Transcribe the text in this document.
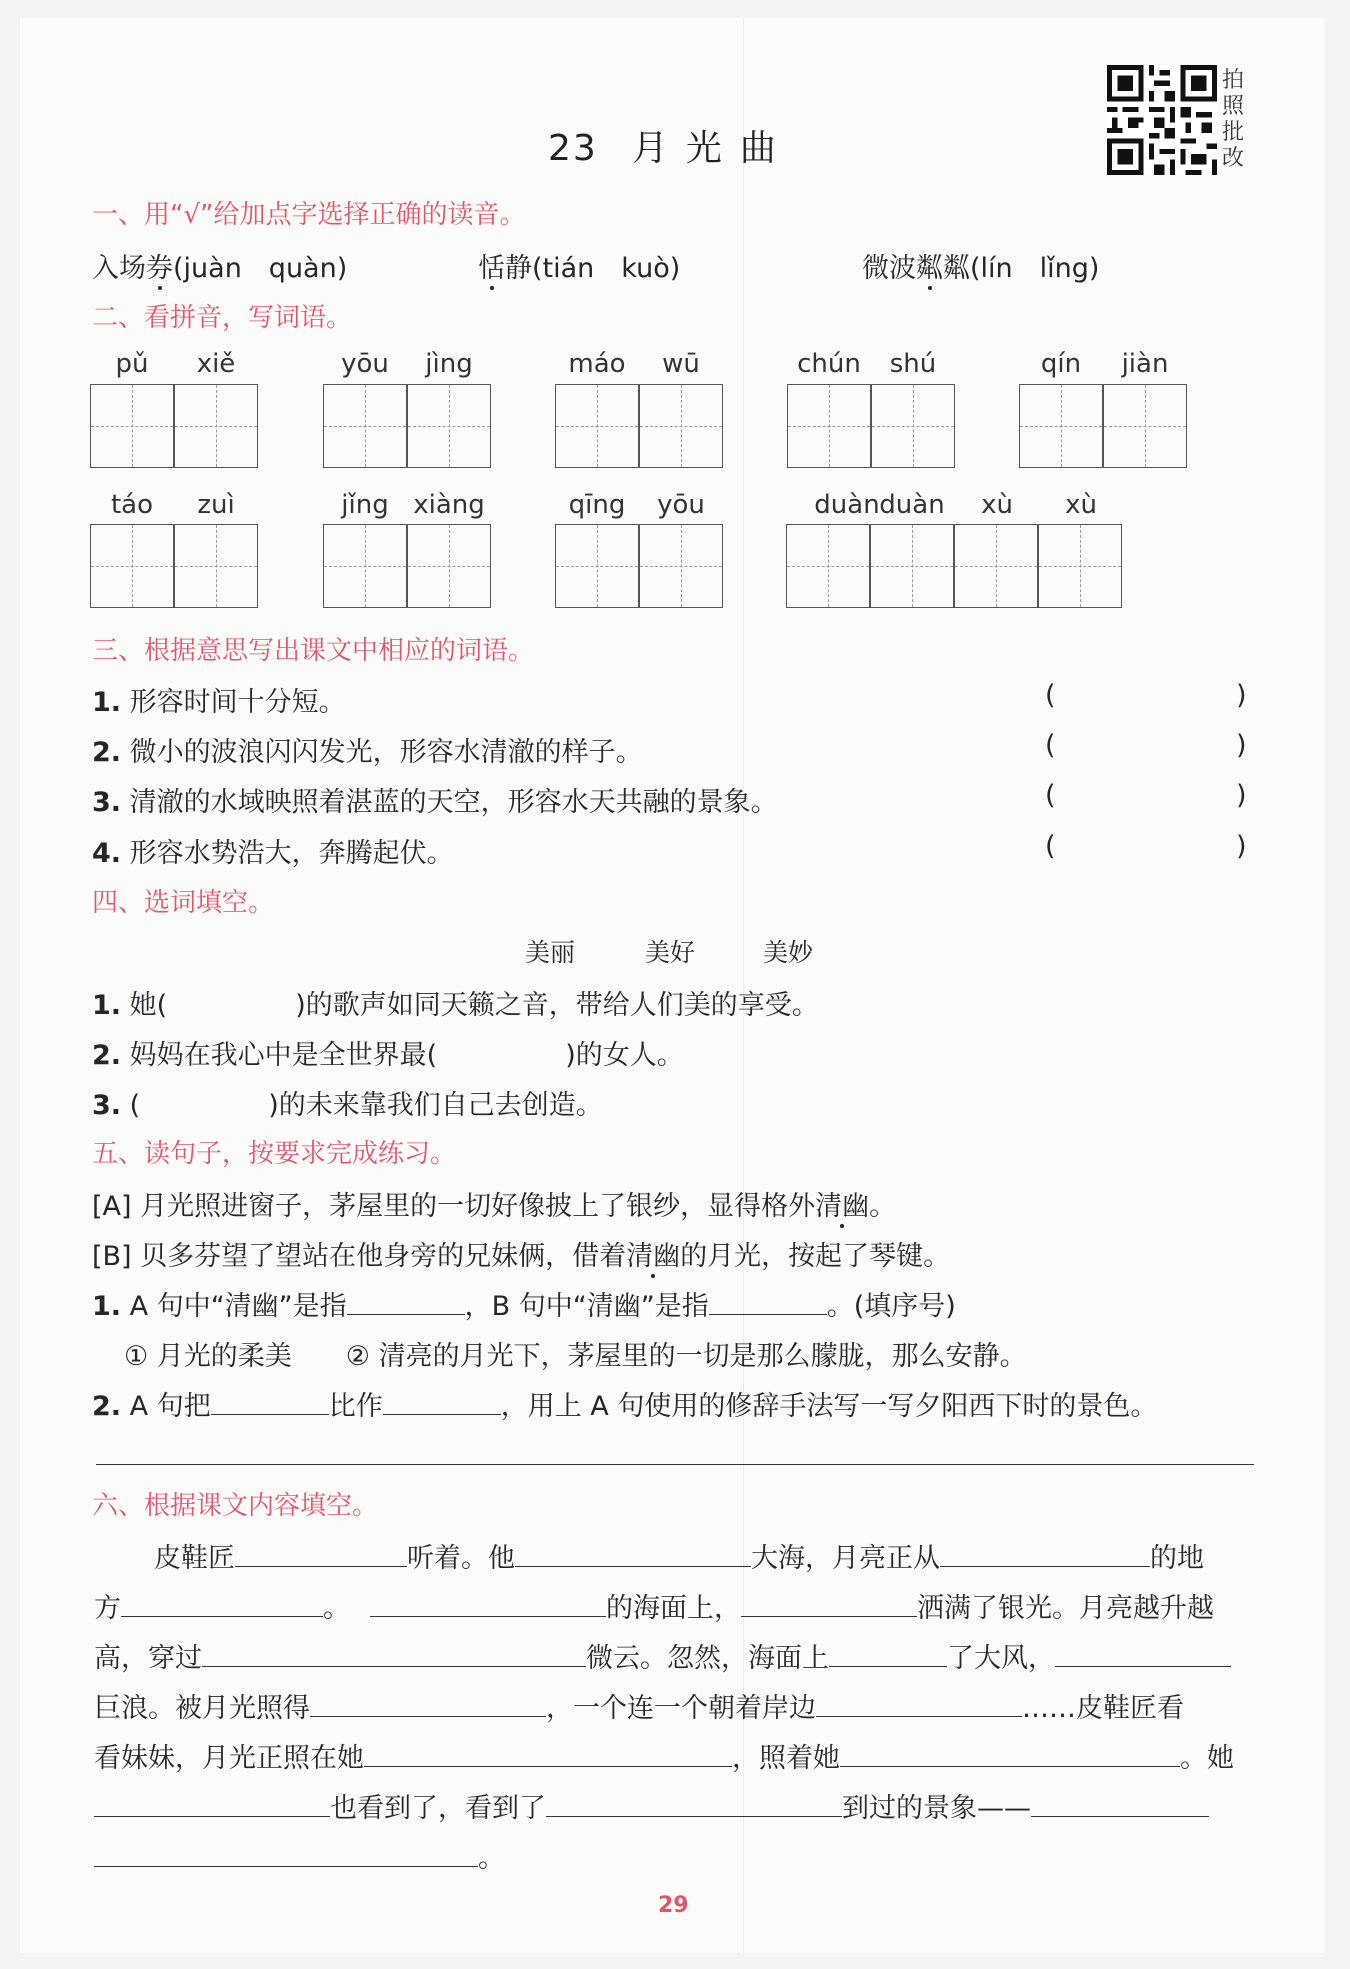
23 月 光 曲
拍照批改
一、用“√”给加点字选择正确的读音。
入场券(juàn　quàn)	恬静(tián　kuò)	微波粼粼(lín　lǐng)
二、看拼音，写词语。
pǔ	xiě	yōu	jìng	máo	wū	chún	shú	qín	jiàn
táo	zuì	jǐng xiàng	qīng	yōu	duàn duàn	xù	xù
三、根据意思写出课文中相应的词语。
1. 形容时间十分短。	(	)
2. 微小的波浪闪闪发光，形容水清澈的样子。	(	)
3. 清澈的水域映照着湛蓝的天空，形容水天共融的景象。	(	)
4. 形容水势浩大，奔腾起伏。	(	)
四、选词填空。
美丽	美好	美妙
1. 她(	)的歌声如同天籁之音，带给人们美的享受。
2. 妈妈在我心中是全世界最(	)的女人。
3. (	)的未来靠我们自己去创造。
五、读句子，按要求完成练习。
[A] 月光照进窗子，茅屋里的一切好像披上了银纱，显得格外清幽。
[B] 贝多芬望了望站在他身旁的兄妹俩，借着清幽的月光，按起了琴键。
1. A 句中“清幽”是指	，B 句中“清幽”是指	。(填序号)
① 月光的柔美　　② 清亮的月光下，茅屋里的一切是那么朦胧，那么安静。
2. A 句把	比作	，用上 A 句使用的修辞手法写一写夕阳西下时的景色。
六、根据课文内容填空。
皮鞋匠	听着。他	大海，月亮正从	的地
方	。	的海面上，	洒满了银光。月亮越升越
高，穿过	微云。忽然，海面上	了大风，
巨浪。被月光照得	，一个连一个朝着岸边	……皮鞋匠看
看妹妹，月光正照在她	，照着她	。她
也看到了，看到了	到过的景象——
。
29
